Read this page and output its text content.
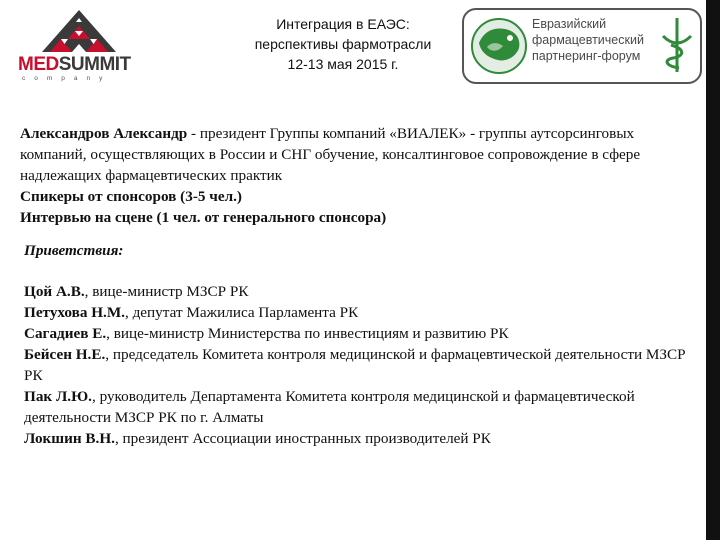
MEDSUMMIT
company
Интеграция в ЕАЭС:
перспективы фармотрасли
12-13 мая 2015 г.
Евразийский
фармацевтический
партнеринг-форум

Александров Александр - президент Группы компаний «ВИАЛЕК» - группы аутсорсинговых компаний, осуществляющих в России и СНГ обучение, консалтинговое сопровождение в сфере надлежащих фармацевтических практик

Спикеры от спонсоров (3-5 чел.)

Интервью на сцене (1 чел. от генерального спонсора)

Приветствия:

Цой А.В., вице-министр МЗСР РК

Петухова Н.М., депутат Мажилиса Парламента РК

Сагадиев Е., вице-министр Министерства по инвестициям и развитию РК

Бейсен Н.Е., председатель Комитета контроля медицинской и фармацевтической деятельности МЗСР РК

Пак Л.Ю., руководитель Департамента Комитета контроля медицинской и фармацевтической деятельности МЗСР РК по г. Алматы

Локшин В.Н., президент Ассоциации иностранных производителей РК
